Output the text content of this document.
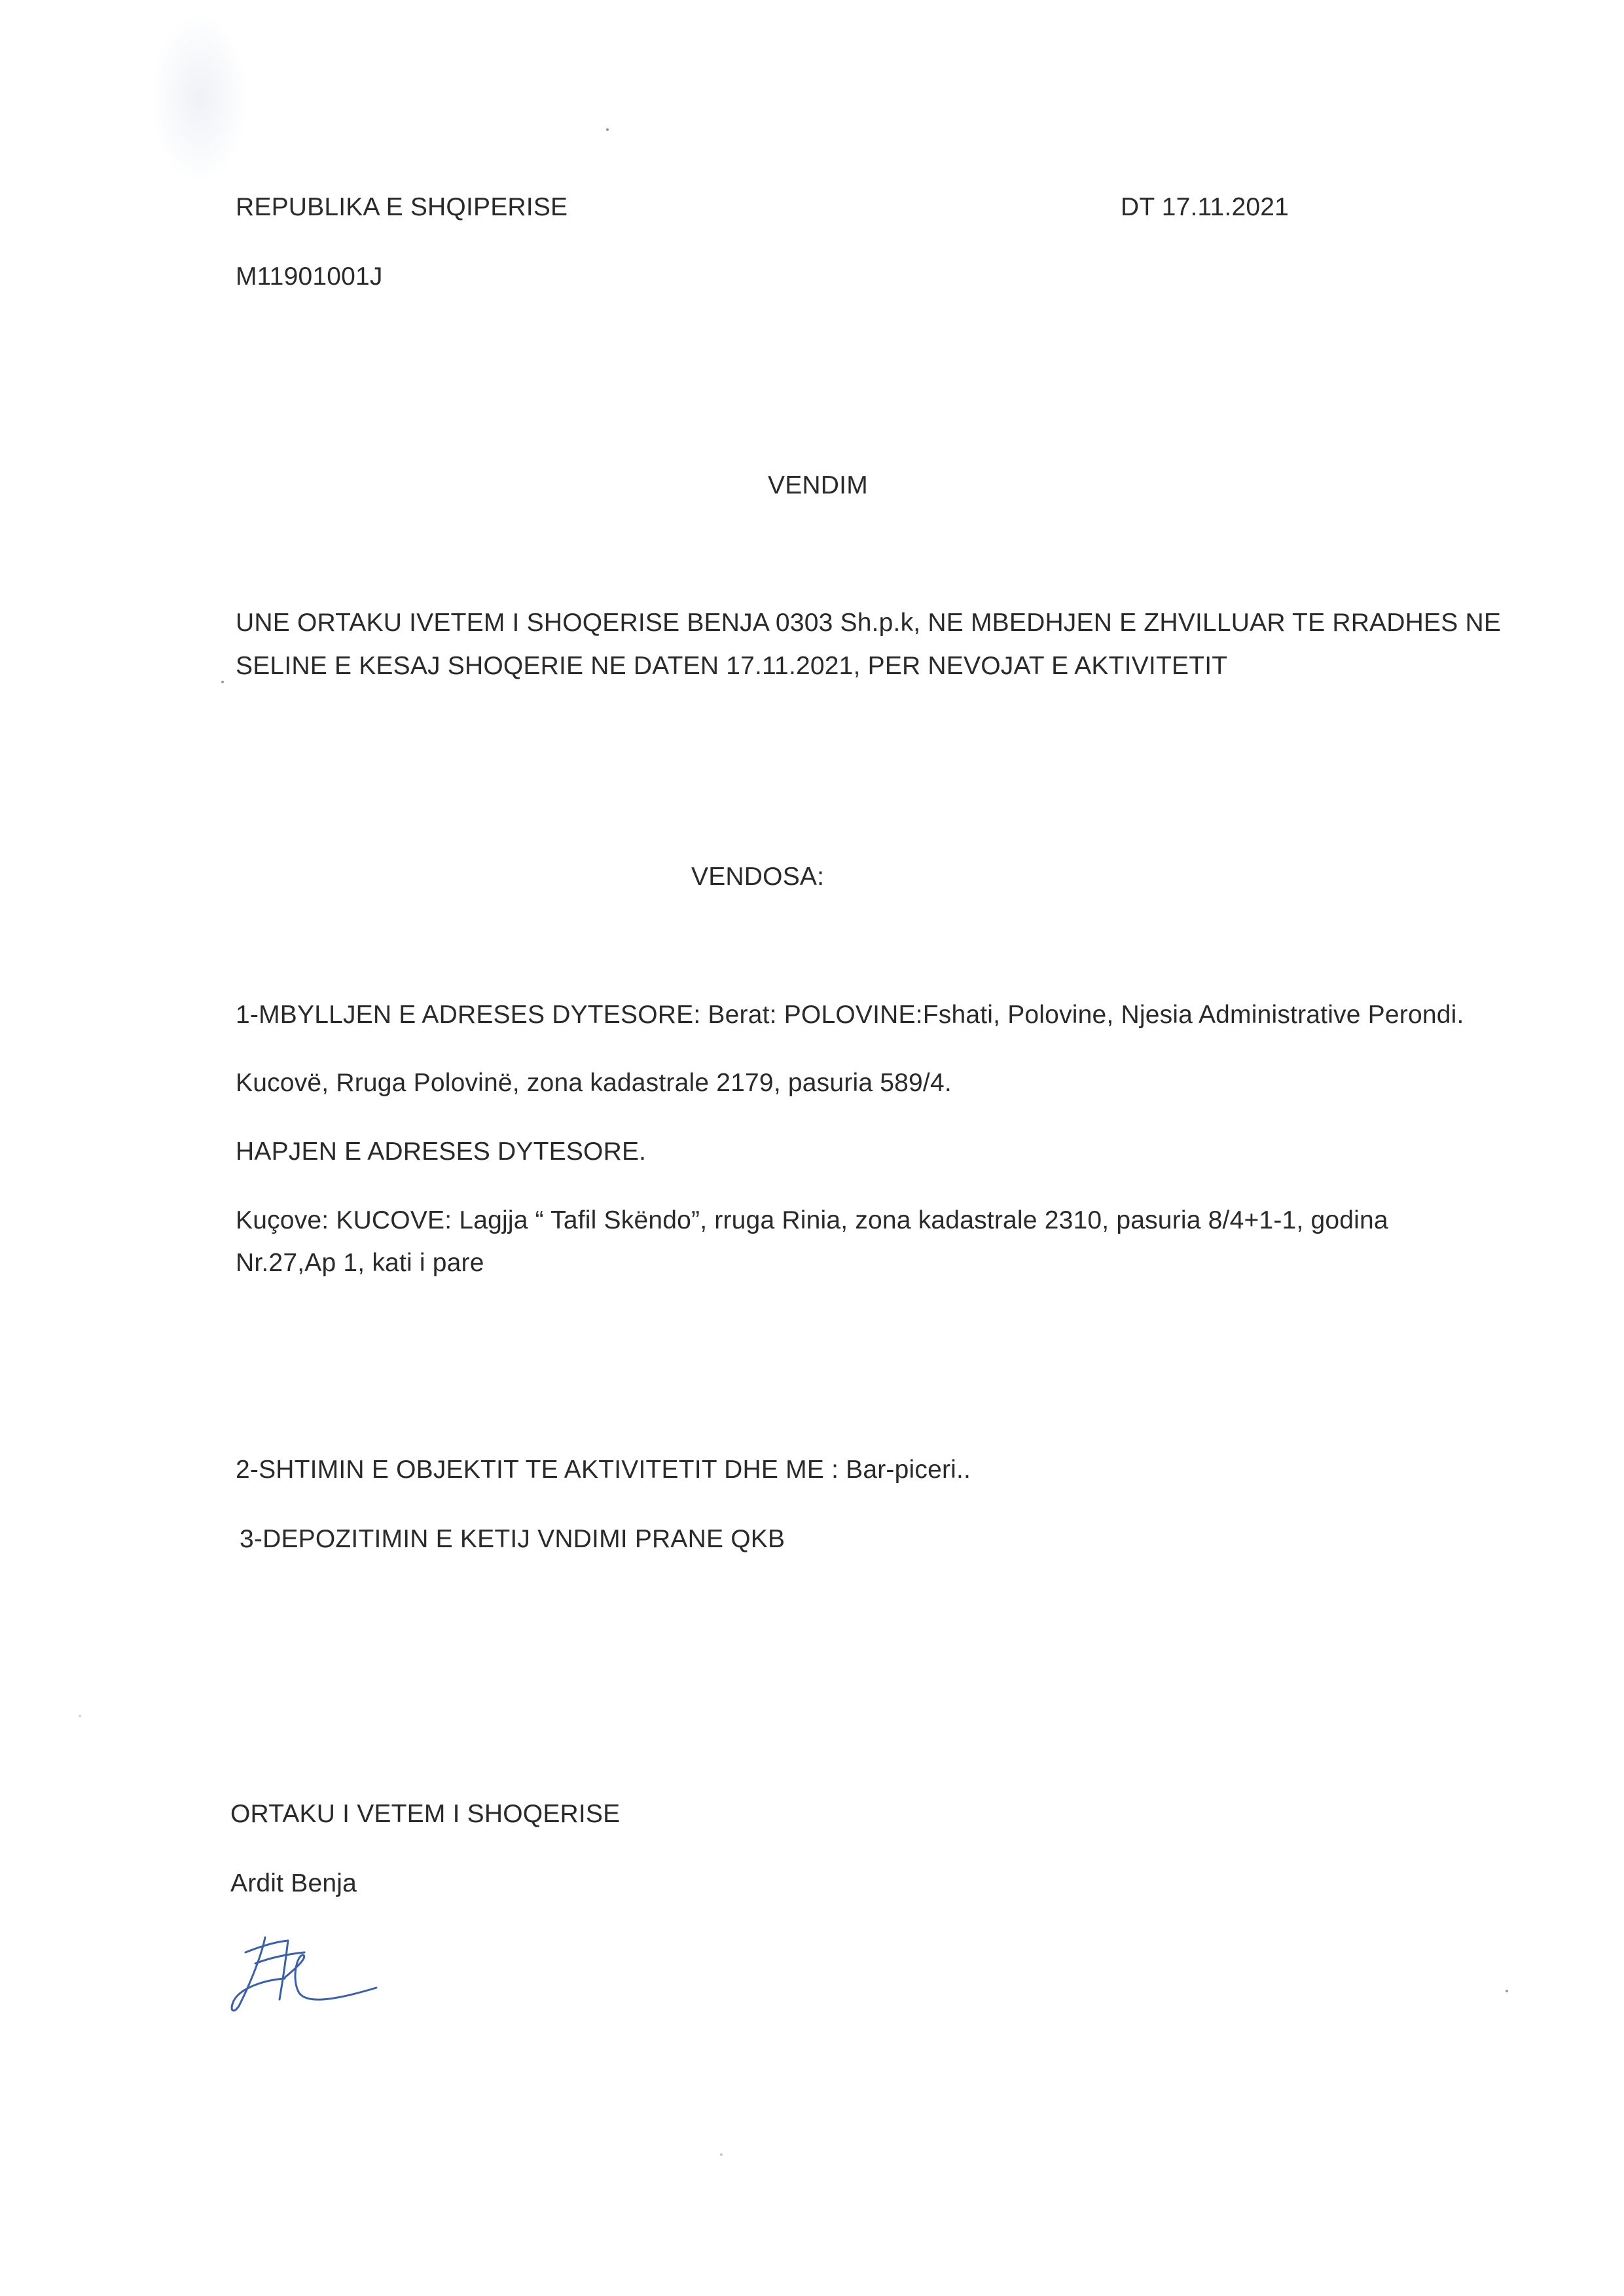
REPUBLIKA E SHQIPERISE	DT 17.11.2021
M11901001J
VENDIM
UNE ORTAKU IVETEM I SHOQERISE BENJA 0303 Sh.p.k, NE MBEDHJEN E ZHVILLUAR TE RRADHES NE
SELINE E KESAJ SHOQERIE NE DATEN 17.11.2021, PER NEVOJAT E AKTIVITETIT
VENDOSA:
1-MBYLLJEN E ADRESES DYTESORE: Berat: POLOVINE:Fshati, Polovine, Njesia Administrative Perondi.
Kucovë, Rruga Polovinë, zona kadastrale 2179, pasuria 589/4.
HAPJEN E ADRESES DYTESORE.
Kuçove: KUCOVE: Lagjja “ Tafil Skëndo”, rruga Rinia, zona kadastrale 2310, pasuria 8/4+1-1, godina
Nr.27,Ap 1, kati i pare
2-SHTIMIN E OBJEKTIT TE AKTIVITETIT DHE ME : Bar-piceri..
3-DEPOZITIMIN E KETIJ VNDIMI PRANE QKB
ORTAKU I VETEM I SHOQERISE
Ardit Benja
